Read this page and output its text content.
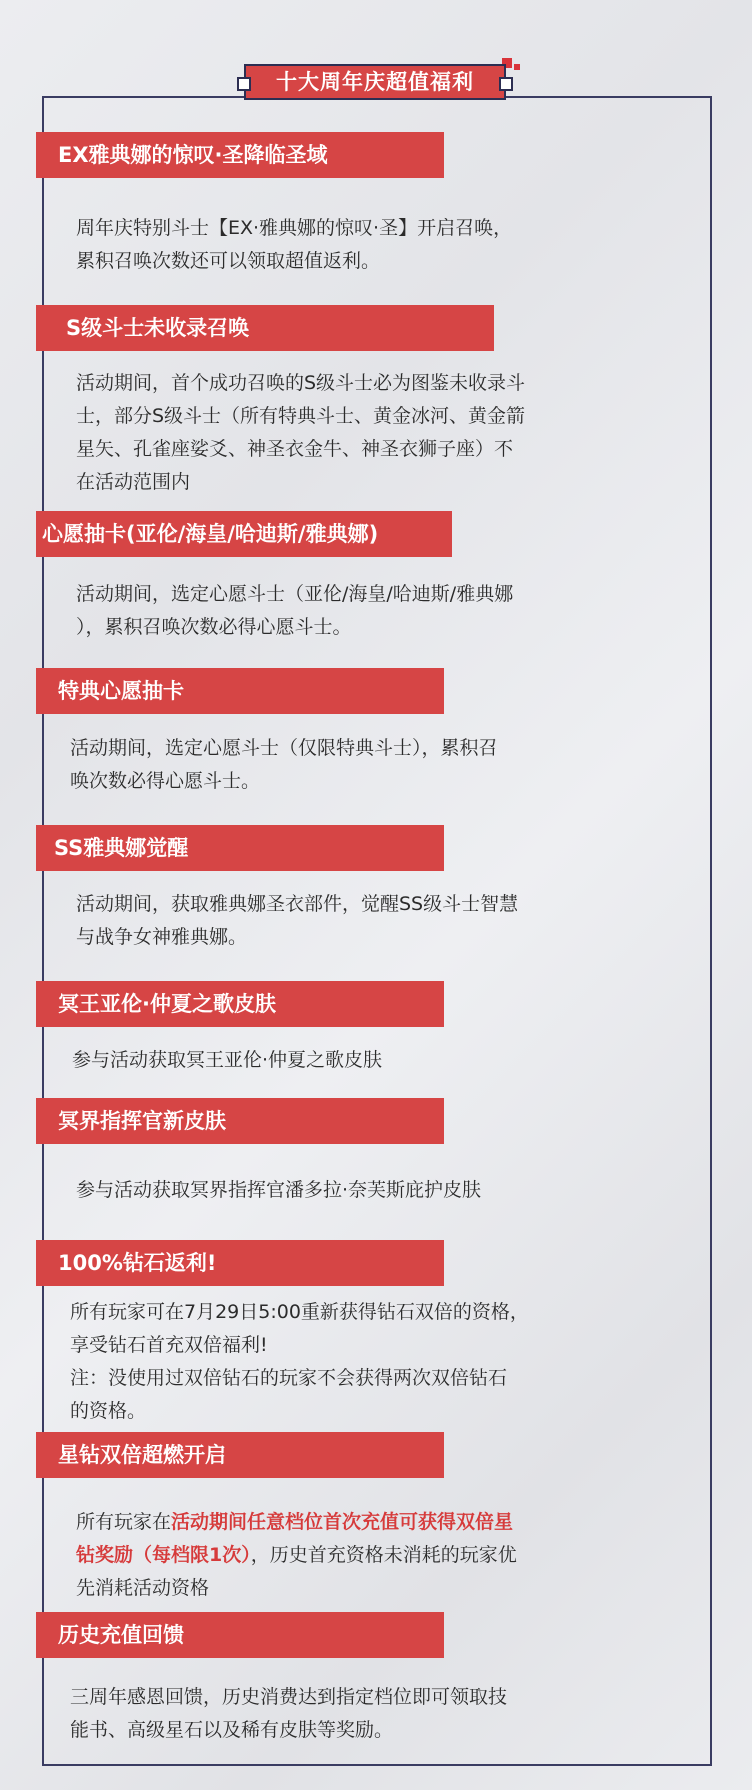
十大周年庆超值福利
EX雅典娜的惊叹·圣降临圣域
周年庆特别斗士【EX·雅典娜的惊叹·圣】开启召唤，
累积召唤次数还可以领取超值返利。
S级斗士未收录召唤
活动期间，首个成功召唤的S级斗士必为图鉴未收录斗
士，部分S级斗士（所有特典斗士、黄金冰河、黄金箭
星矢、孔雀座娑爻、神圣衣金牛、神圣衣狮子座）不
在活动范围内
心愿抽卡(亚伦/海皇/哈迪斯/雅典娜)
活动期间，选定心愿斗士（亚伦/海皇/哈迪斯/雅典娜
），累积召唤次数必得心愿斗士。
特典心愿抽卡
活动期间，选定心愿斗士（仅限特典斗士），累积召
唤次数必得心愿斗士。
SS雅典娜觉醒
活动期间，获取雅典娜圣衣部件，觉醒SS级斗士智慧
与战争女神雅典娜。
冥王亚伦·仲夏之歌皮肤
参与活动获取冥王亚伦·仲夏之歌皮肤
冥界指挥官新皮肤
参与活动获取冥界指挥官潘多拉·奈芙斯庇护皮肤
100%钻石返利!
所有玩家可在7月29日5:00重新获得钻石双倍的资格，
享受钻石首充双倍福利!
注：没使用过双倍钻石的玩家不会获得两次双倍钻石
的资格。
星钻双倍超燃开启
所有玩家在活动期间任意档位首次充值可获得双倍星
钻奖励（每档限1次），历史首充资格未消耗的玩家优
先消耗活动资格
历史充值回馈
三周年感恩回馈，历史消费达到指定档位即可领取技
能书、高级星石以及稀有皮肤等奖励。
